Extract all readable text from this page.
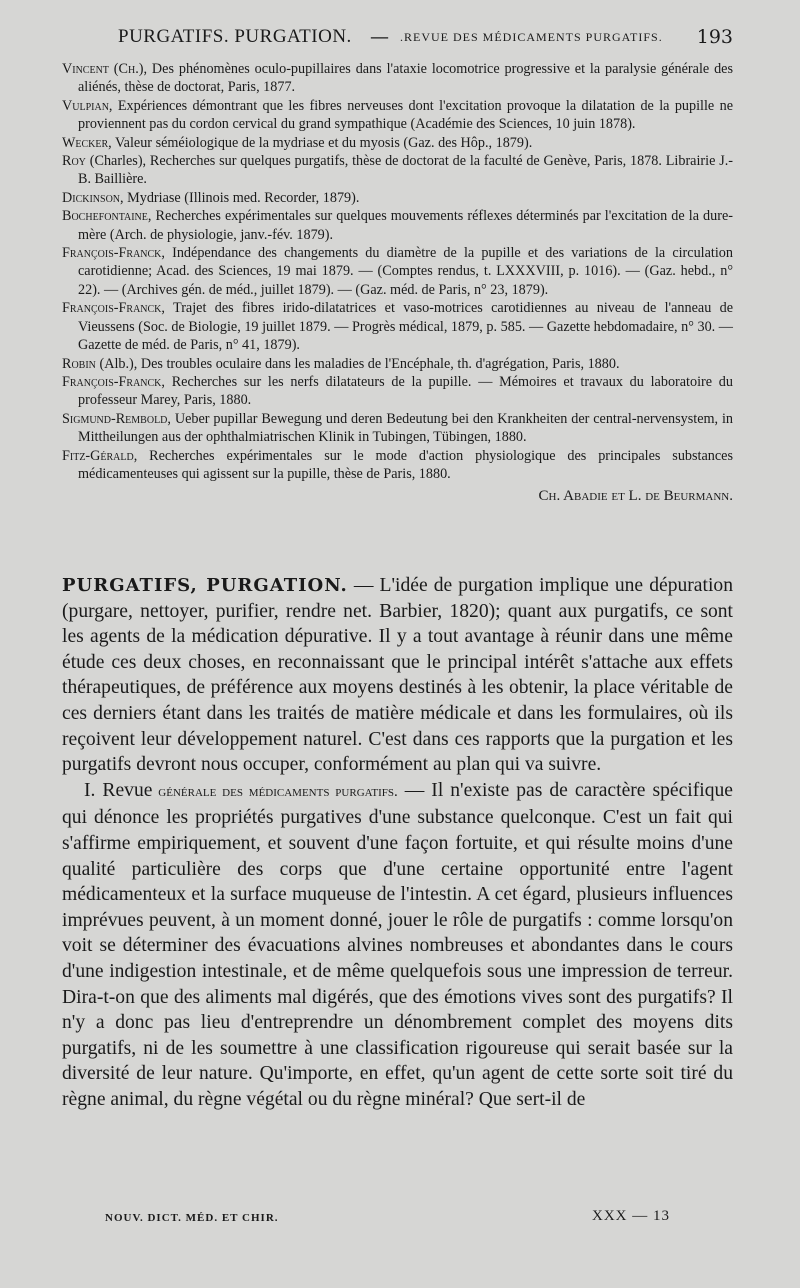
PURGATIFS. PURGATION. — .REVUE DES MÉDICAMENTS PURGATIFS. 193

Vincent (Ch.), Des phénomènes oculo-pupillaires dans l'ataxie locomotrice progressive et la paralysie générale des aliénés, thèse de doctorat, Paris, 1877.

Vulpian, Expériences démontrant que les fibres nerveuses dont l'excitation provoque la dilatation de la pupille ne proviennent pas du cordon cervical du grand sympathique (Académie des Sciences, 10 juin 1878).

Wecker, Valeur séméiologique de la mydriase et du myosis (Gaz. des Hôp., 1879).

Roy (Charles), Recherches sur quelques purgatifs, thèse de doctorat de la faculté de Genève, Paris, 1878. Librairie J.-B. Baillière.

Dickinson, Mydriase (Illinois med. Recorder, 1879).

Bochefontaine, Recherches expérimentales sur quelques mouvements réflexes déterminés par l'excitation de la dure-mère (Arch. de physiologie, janv.-fév. 1879).

François-Franck, Indépendance des changements du diamètre de la pupille et des variations de la circulation carotidienne; Acad. des Sciences, 19 mai 1879. — (Comptes rendus, t. LXXXVIII, p. 1016). — (Gaz. hebd., n° 22). — (Archives gén. de méd., juillet 1879). — (Gaz. méd. de Paris, n° 23, 1879).

François-Franck, Trajet des fibres irido-dilatatrices et vaso-motrices carotidiennes au niveau de l'anneau de Vieussens (Soc. de Biologie, 19 juillet 1879. — Progrès médical, 1879, p. 585. — Gazette hebdomadaire, n° 30. — Gazette de méd. de Paris, n° 41, 1879).

Robin (Alb.), Des troubles oculaire dans les maladies de l'Encéphale, th. d'agrégation, Paris, 1880.

François-Franck, Recherches sur les nerfs dilatateurs de la pupille. — Mémoires et travaux du laboratoire du professeur Marey, Paris, 1880.

Sigmund-Rembold, Ueber pupillar Bewegung und deren Bedeutung bei den Krankheiten der central-nervensystem, in Mittheilungen aus der ophthalmiatrischen Klinik in Tubingen, Tübingen, 1880.

Fitz-Gérald, Recherches expérimentales sur le mode d'action physiologique des principales substances médicamenteuses qui agissent sur la pupille, thèse de Paris, 1880.

Ch. Abadie et L. de Beurmann.

PURGATIFS, PURGATION. — L'idée de purgation implique une dépuration (purgare, nettoyer, purifier, rendre net. Barbier, 1820); quant aux purgatifs, ce sont les agents de la médication dépurative. Il y a tout avantage à réunir dans une même étude ces deux choses, en reconnaissant que le principal intérêt s'attache aux effets thérapeutiques, de préférence aux moyens destinés à les obtenir, la place véritable de ces derniers étant dans les traités de matière médicale et dans les formulaires, où ils reçoivent leur développement naturel. C'est dans ces rapports que la purgation et les purgatifs devront nous occuper, conformément au plan qui va suivre.

I. Revue générale des médicaments purgatifs. — Il n'existe pas de caractère spécifique qui dénonce les propriétés purgatives d'une substance quelconque. C'est un fait qui s'affirme empiriquement, et souvent d'une façon fortuite, et qui résulte moins d'une qualité particulière des corps que d'une certaine opportunité entre l'agent médicamenteux et la surface muqueuse de l'intestin. A cet égard, plusieurs influences imprévues peuvent, à un moment donné, jouer le rôle de purgatifs : comme lorsqu'on voit se déterminer des évacuations alvines nombreuses et abondantes dans le cours d'une indigestion intestinale, et de même quelquefois sous une impression de terreur. Dira-t-on que des aliments mal digérés, que des émotions vives sont des purgatifs? Il n'y a donc pas lieu d'entreprendre un dénombrement complet des moyens dits purgatifs, ni de les soumettre à une classification rigoureuse qui serait basée sur la diversité de leur nature. Qu'importe, en effet, qu'un agent de cette sorte soit tiré du règne animal, du règne végétal ou du règne minéral? Que sert-il de

NOUV. DICT. MÉD. ET CHIR.	XXX — 13
